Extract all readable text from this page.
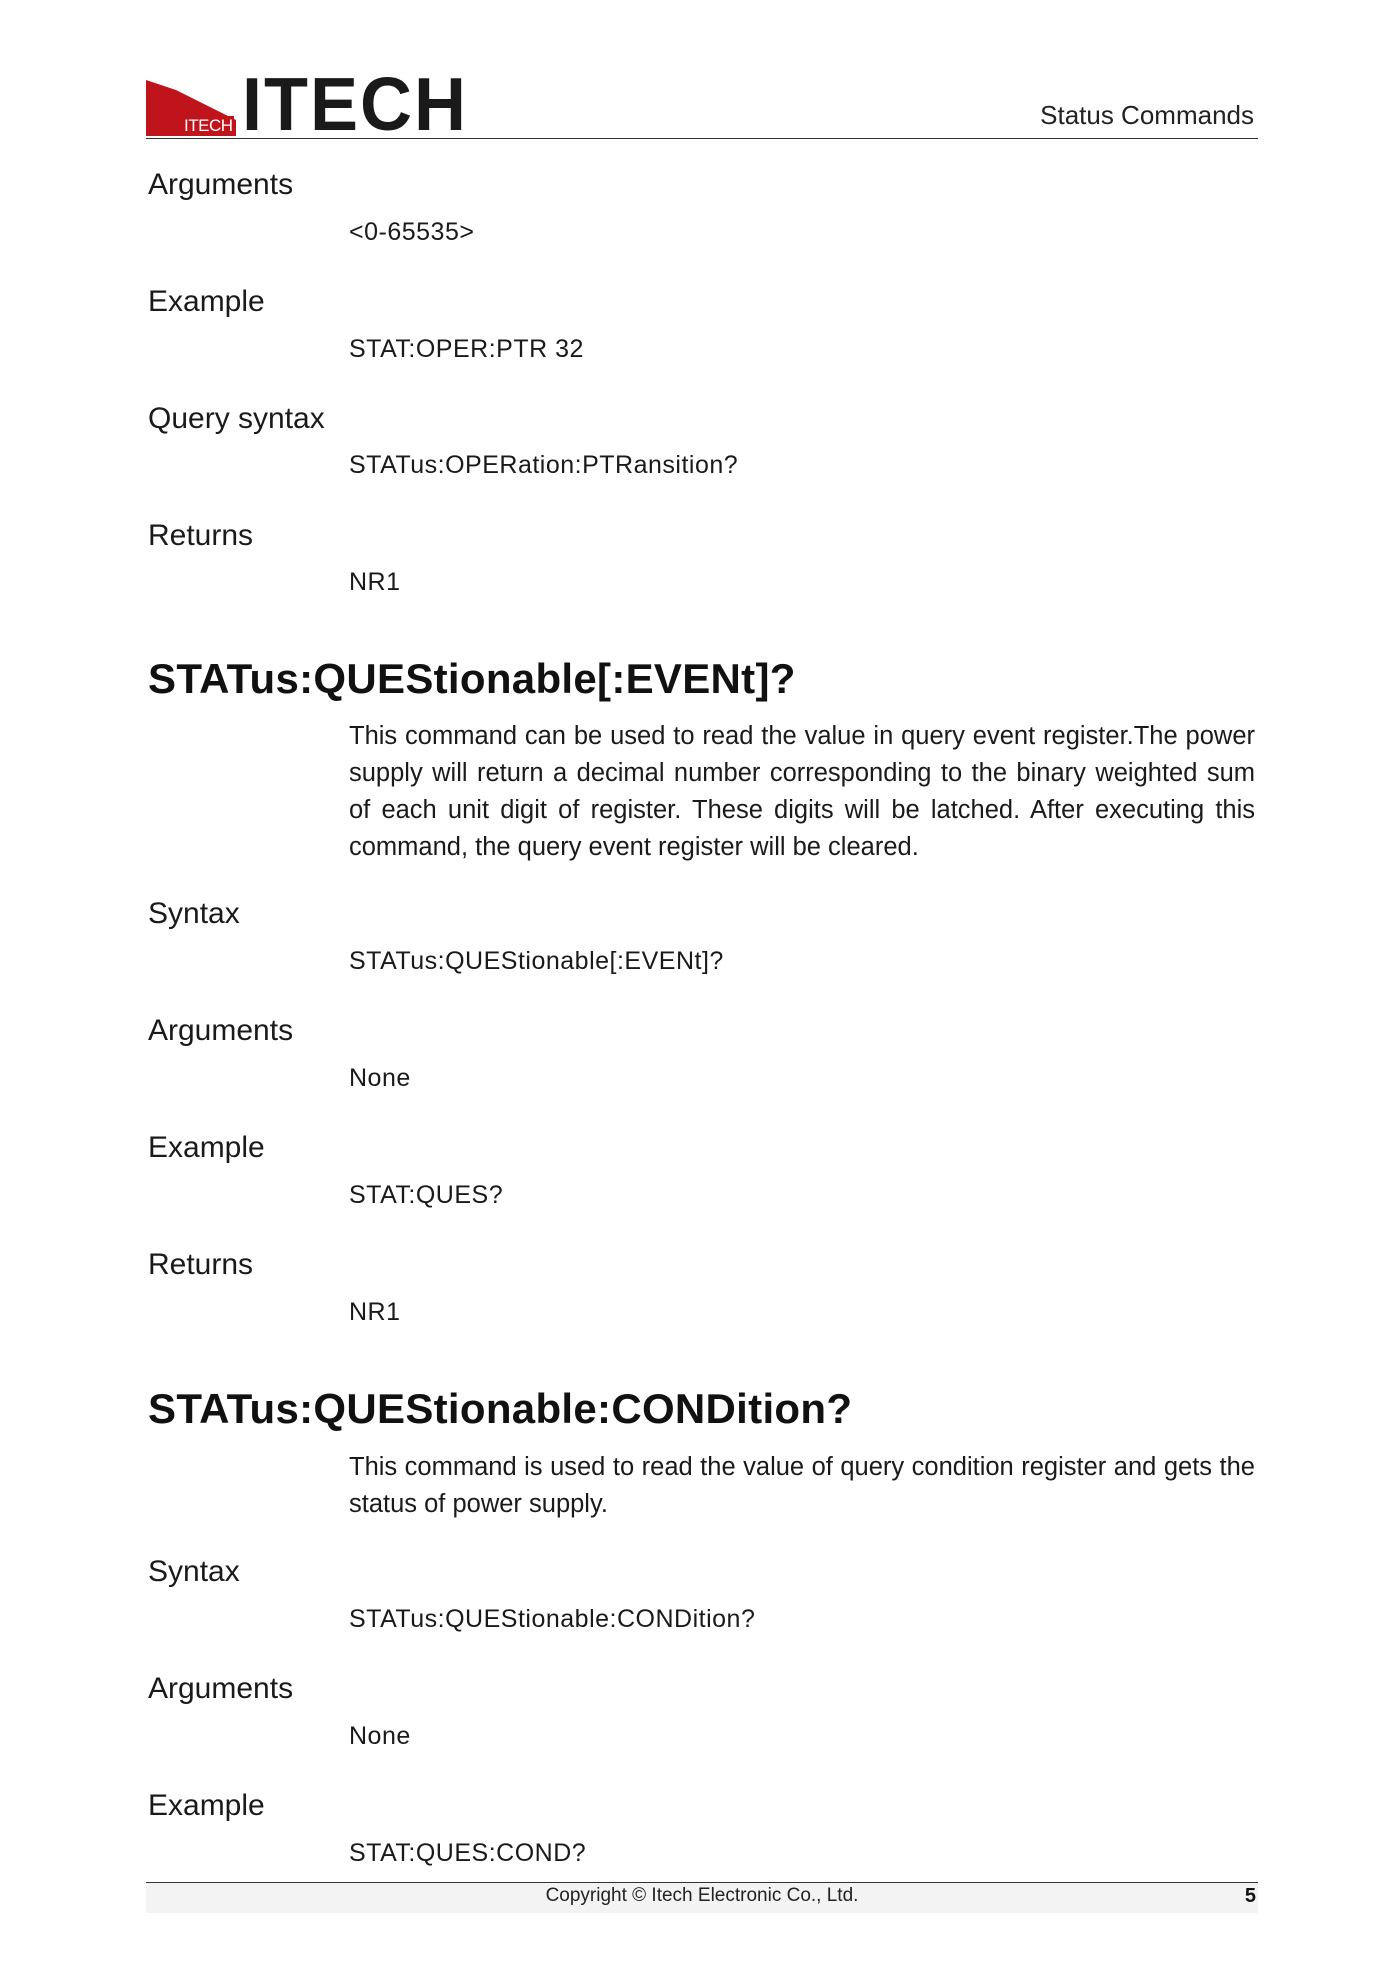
ITECH ITECH	Status Commands
Arguments
<0-65535>
Example
STAT:OPER:PTR 32
Query syntax
STATus:OPERation:PTRansition?
Returns
NR1
STATus:QUEStionable[:EVENt]?

This command can be used to read the value in query event register.The power supply will return a decimal number corresponding to the binary weighted sum of each unit digit of register. These digits will be latched. After executing this command, the query event register will be cleared.

Syntax
STATus:QUEStionable[:EVENt]?
Arguments
None
Example
STAT:QUES?
Returns
NR1
STATus:QUEStionable:CONDition?

This command is used to read the value of query condition register and gets the status of power supply.

Syntax
STATus:QUEStionable:CONDition?
Arguments
None
Example
STAT:QUES:COND?
Copyright © Itech Electronic Co., Ltd.	5
